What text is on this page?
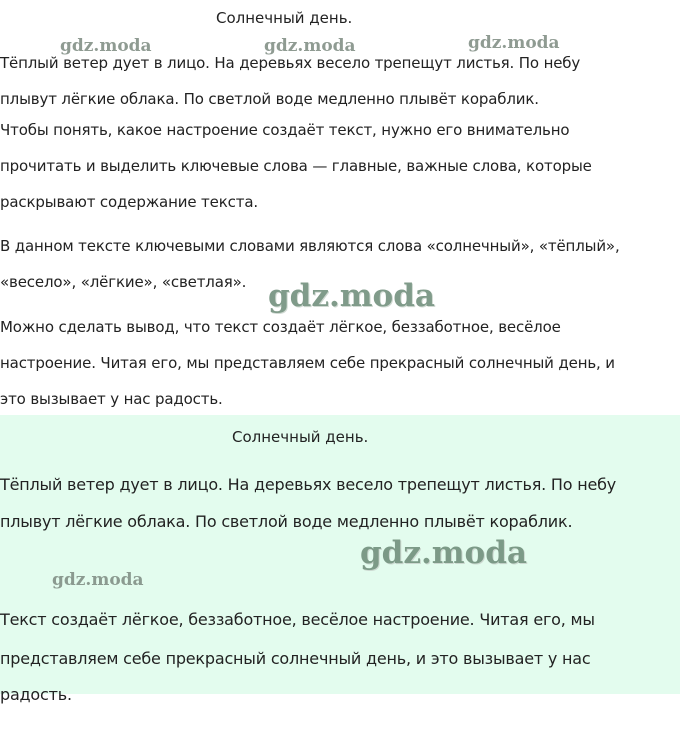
Солнечный день.
gdz.moda	gdz.moda	gdz.moda
Тёплый ветер дует в лицо. На деревьях весело трепещут листья. По небу
плывут лёгкие облака. По светлой воде медленно плывёт кораблик.
Чтобы понять, какое настроение создаёт текст, нужно его внимательно
прочитать и выделить ключевые слова — главные, важные слова, которые
раскрывают содержание текста.
В данном тексте ключевыми словами являются слова «солнечный», «тёплый»,
«весело», «лёгкие», «светлая». gdz.moda
Можно сделать вывод, что текст создаёт лёгкое, беззаботное, весёлое
настроение. Читая его, мы представляем себе прекрасный солнечный день, и
это вызывает у нас радость.
Солнечный день.
Тёплый ветер дует в лицо. На деревьях весело трепещут листья. По небу
плывут лёгкие облака. По светлой воде медленно плывёт кораблик.
gdz.moda
gdz.moda
Текст создаёт лёгкое, беззаботное, весёлое настроение. Читая его, мы
представляем себе прекрасный солнечный день, и это вызывает у нас
радость.
